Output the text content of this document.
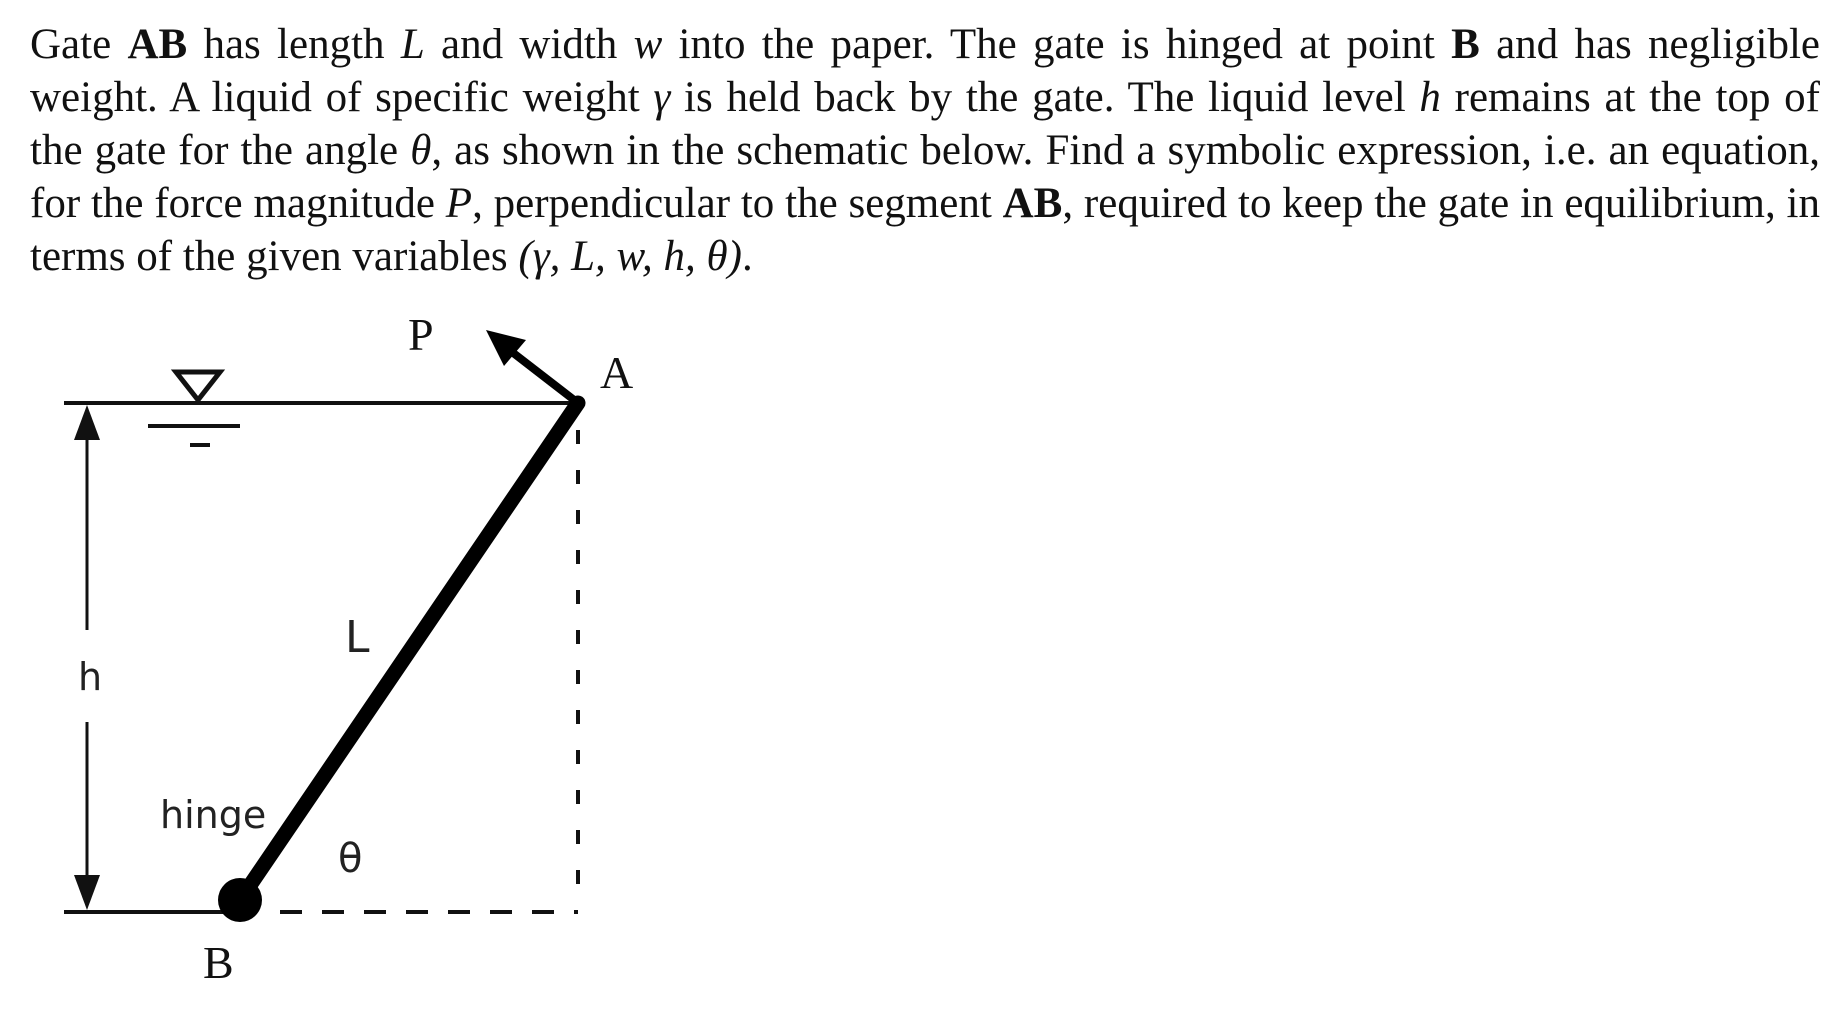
Gate AB has length L and width w into the paper. The gate is hinged at point B and has negligible weight. A liquid of specific weight γ is held back by the gate. The liquid level h remains at the top of the gate for the angle θ, as shown in the schematic below. Find a symbolic expression, i.e. an equation, for the force magnitude P, perpendicular to the segment AB, required to keep the gate in equilibrium, in terms of the given variables (γ, L, w, h, θ).
P
A
L
h
hinge
θ
B
